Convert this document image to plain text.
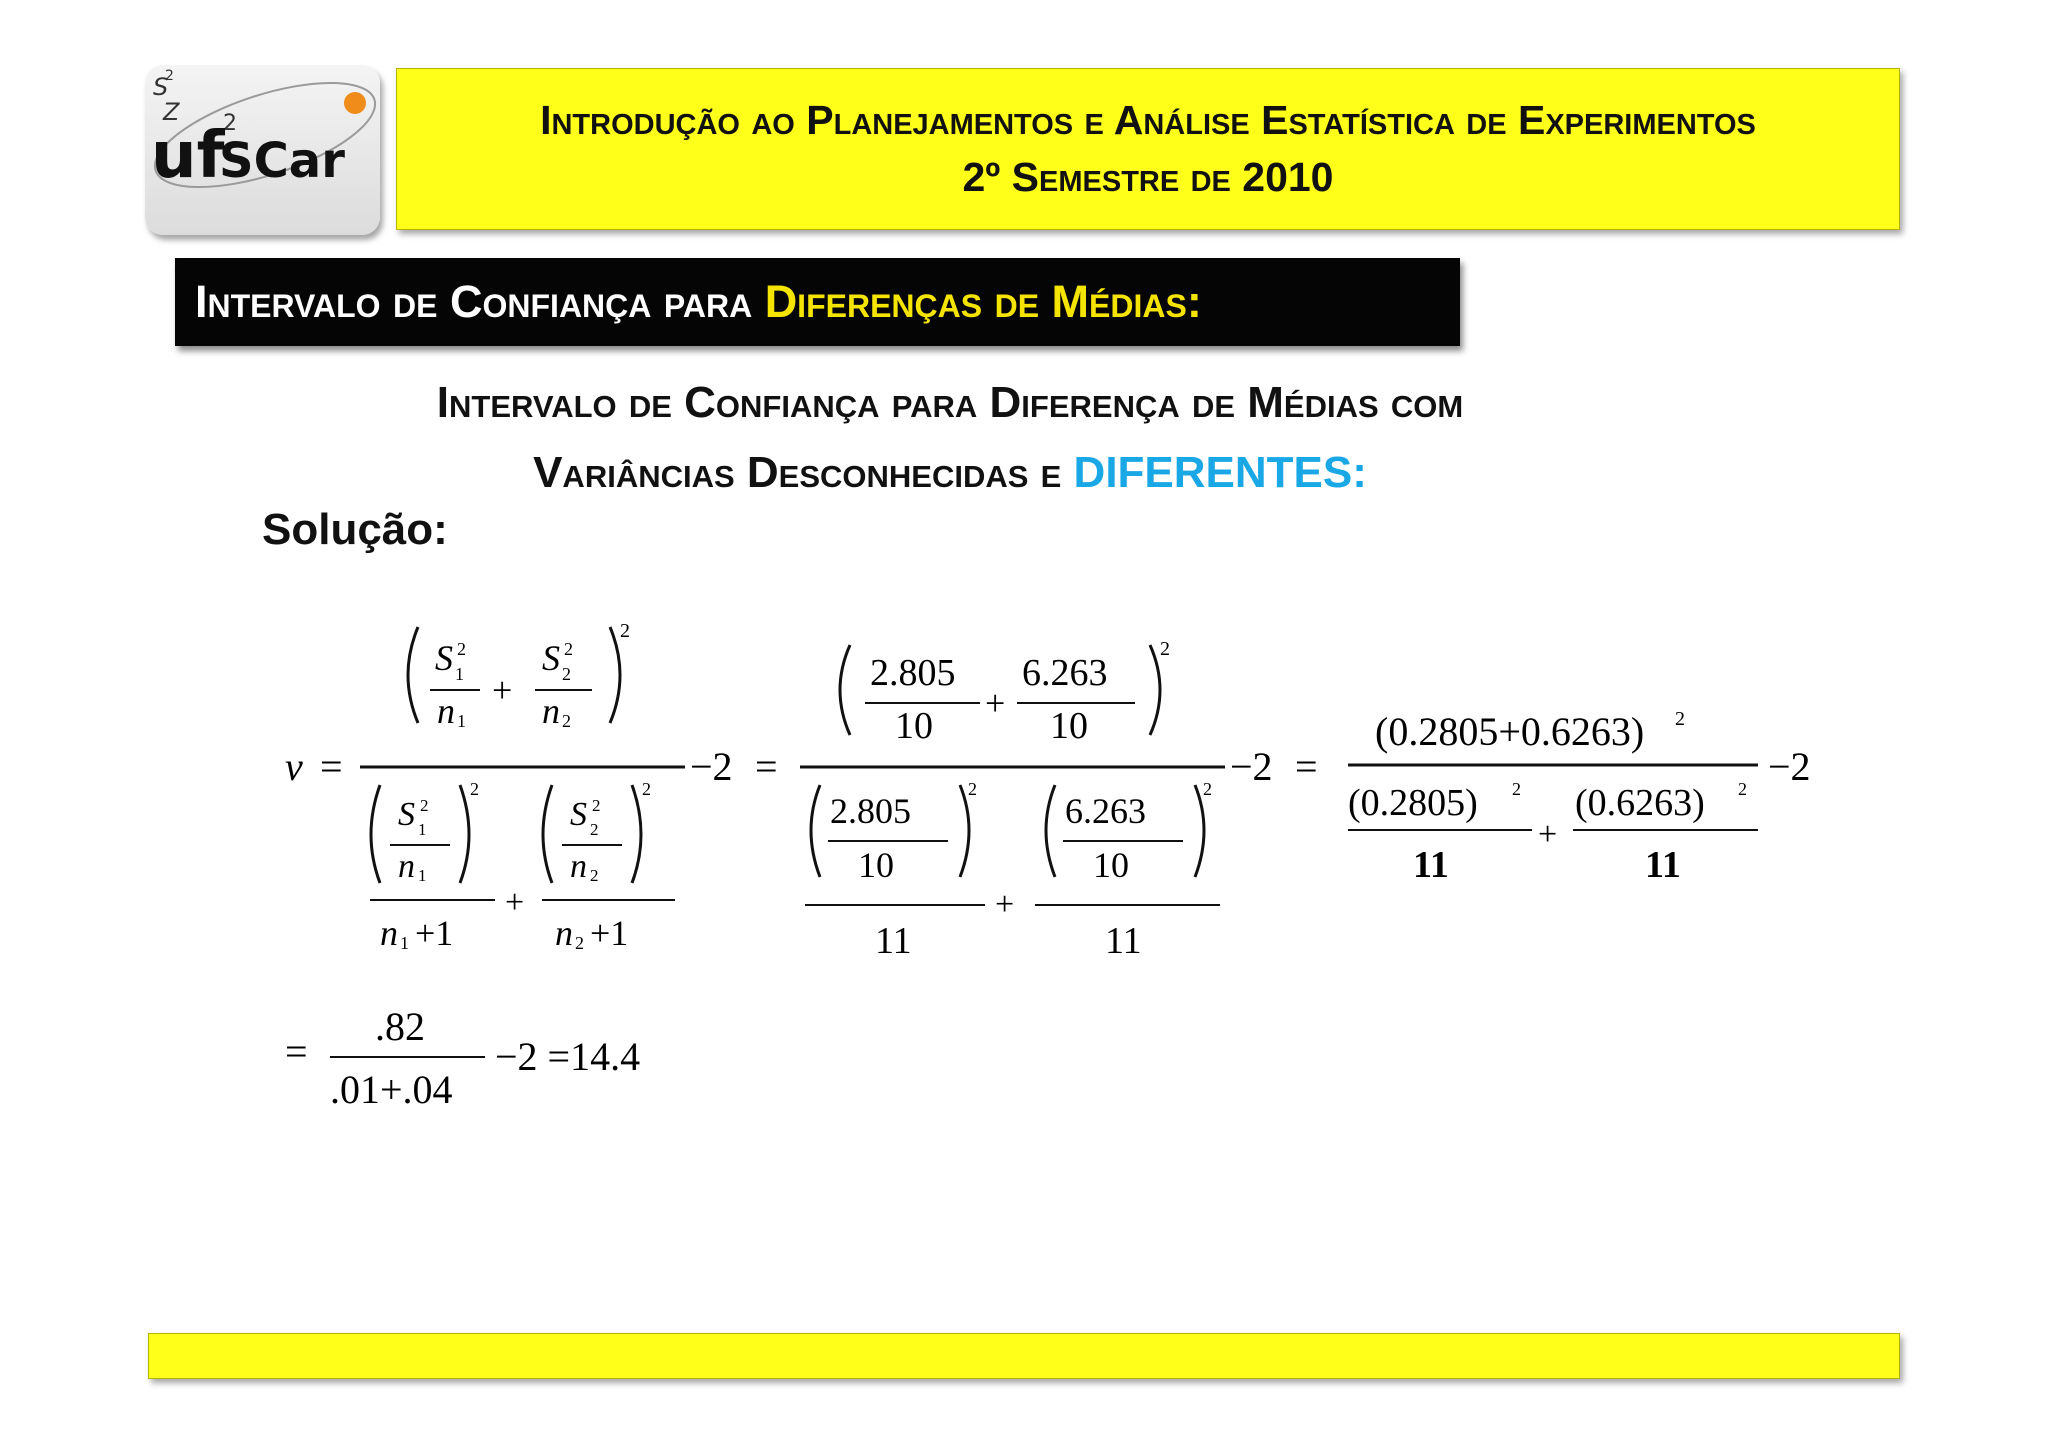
S
Z
2
2
uf
SCar
Introdução ao Planejamentos e Análise Estatística de Experimentos
2º Semestre de 2010
Intervalo de Confiança para Diferenças de Médias:
Intervalo de Confiança para Diferença de Médias com
Variâncias Desconhecidas e DIFERENTES:
Solução:
ν =
2
S 2
1
n 1
+
S 2
2
n 2
2
S 2
1
n 1
n 1 +1
+
2
S 2
2
n 2
n 2 +1
−2 =
2
2.805
10
+
6.263
10
2
2.805
10
11
+
2
6.263
10
11
−2 =
(0.2805+0.6263) 2
(0.2805) 2
11
+
(0.6263) 2
11
−2
=
.82
.01+.04
−2 =14.4
